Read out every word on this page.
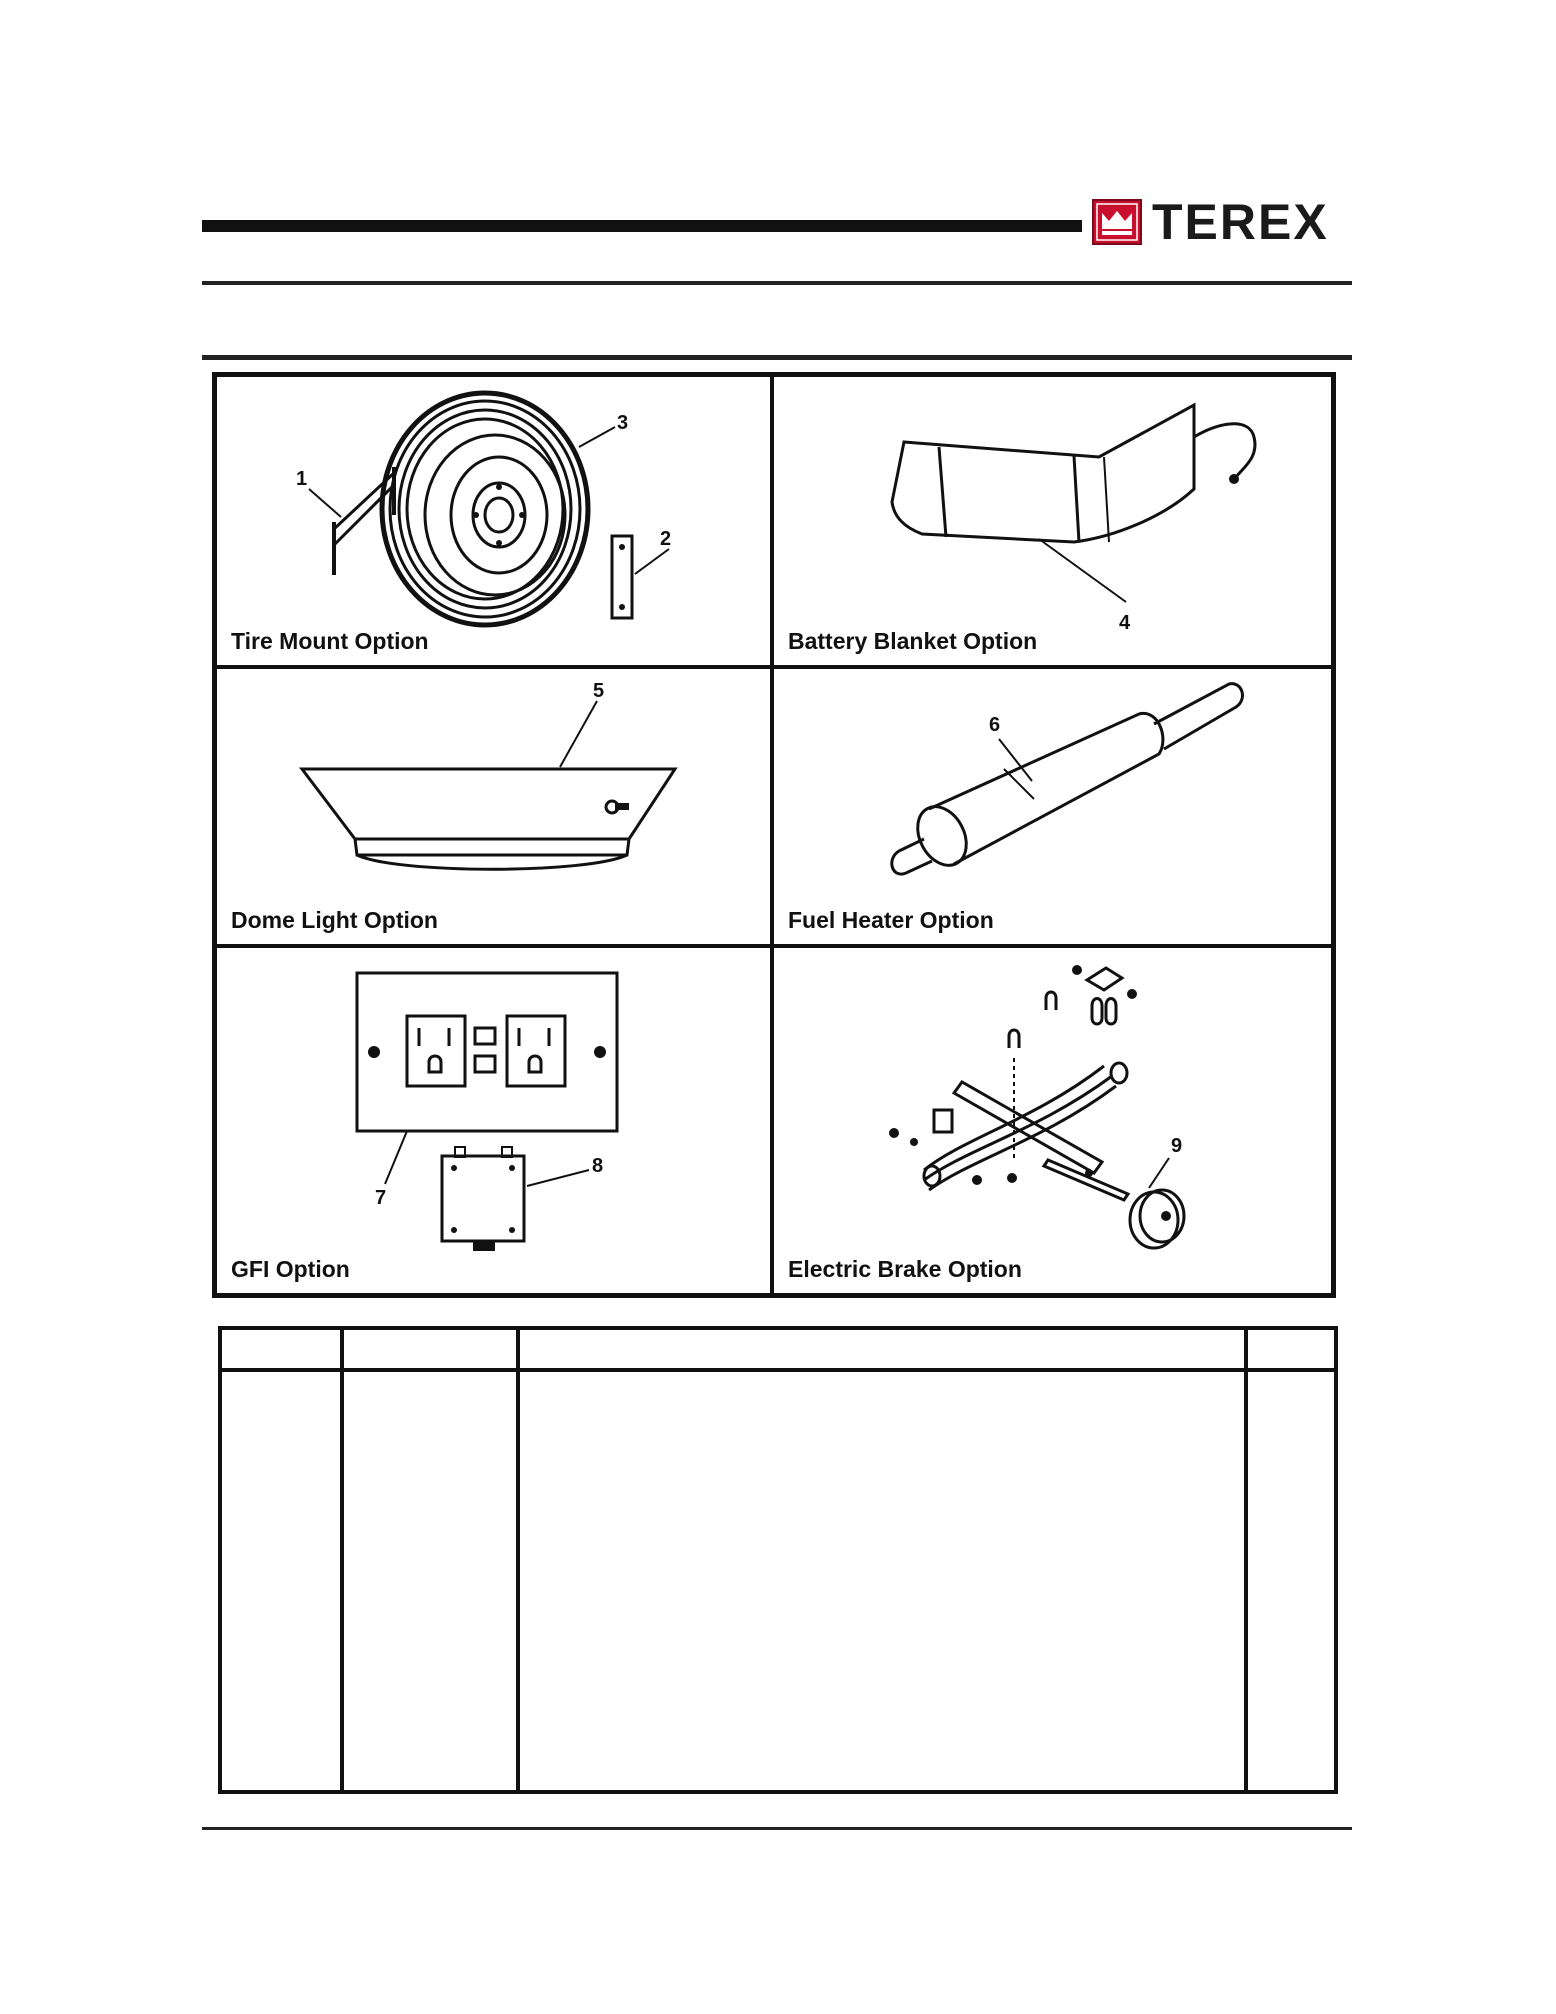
TEREX
1
2
3
Tire Mount Option
4
Battery Blanket Option
5
Dome Light Option
6
Fuel Heater Option
7
8
GFI Option
9
Electric Brake Option
